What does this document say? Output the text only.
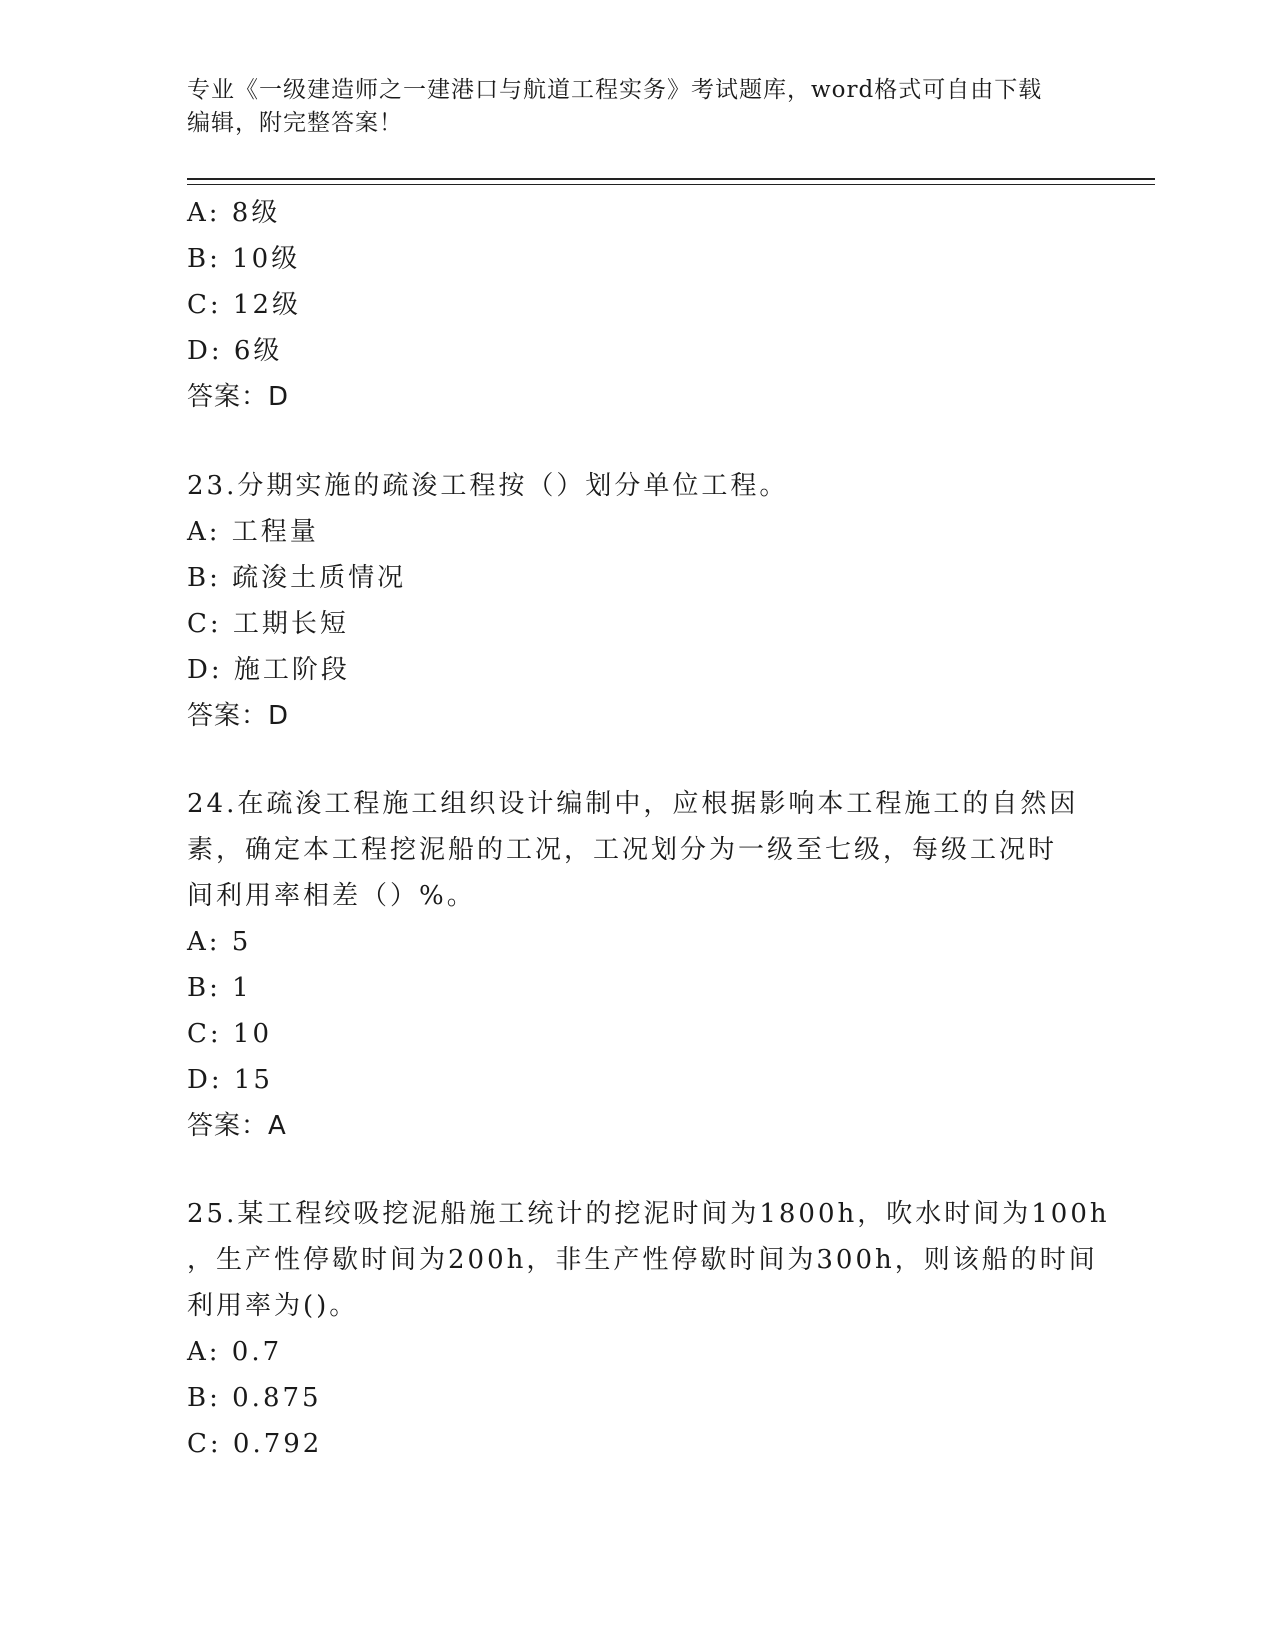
专业《一级建造师之一建港口与航道工程实务》考试题库，word格式可自由下载
编辑，附完整答案！
A: 8级
B: 10级
C: 12级
D: 6级
答案：D
23.分期实施的疏浚工程按（）划分单位工程。
A: 工程量
B: 疏浚土质情况
C: 工期长短
D: 施工阶段
答案：D
24.在疏浚工程施工组织设计编制中，应根据影响本工程施工的自然因
素，确定本工程挖泥船的工况，工况划分为一级至七级，每级工况时
间利用率相差（）%。
A: 5
B: 1
C: 10
D: 15
答案：A
25.某工程绞吸挖泥船施工统计的挖泥时间为1800h，吹水时间为100h
，生产性停歇时间为200h，非生产性停歇时间为300h，则该船的时间
利用率为()。
A: 0.7
B: 0.875
C: 0.792
